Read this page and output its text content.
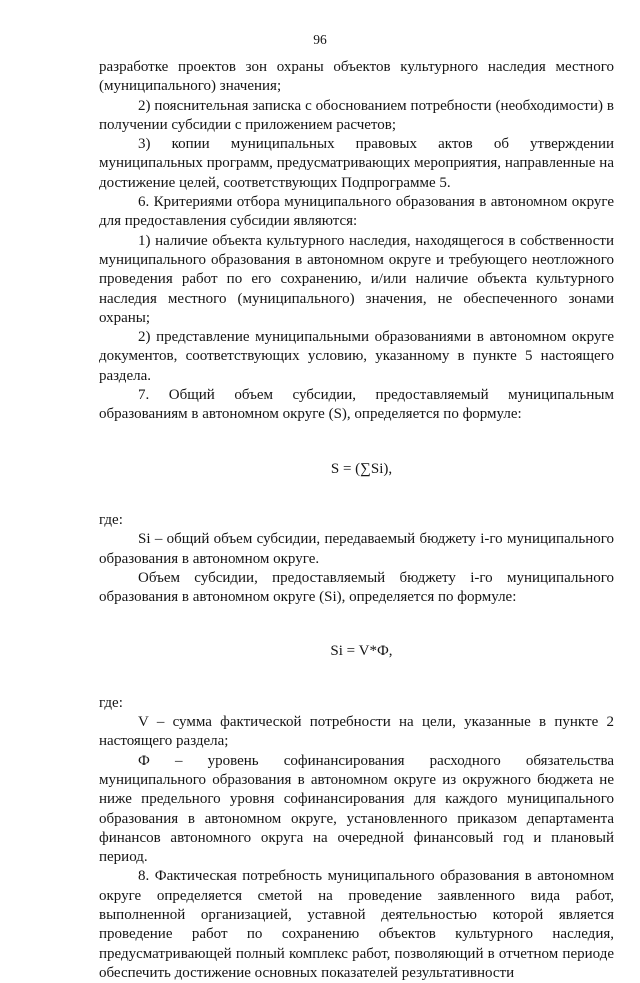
96

разработке проектов зон охраны объектов культурного наследия местного (муниципального) значения;

2) пояснительная записка с обоснованием потребности (необходимости) в получении субсидии с приложением расчетов;

3) копии муниципальных правовых актов об утверждении муниципальных программ, предусматривающих мероприятия, направленные на достижение целей, соответствующих Подпрограмме 5.

6. Критериями отбора муниципального образования в автономном округе для предоставления субсидии являются:

1) наличие объекта культурного наследия, находящегося в собственности муниципального образования в автономном округе и требующего неотложного проведения работ по его сохранению, и/или наличие объекта культурного наследия местного (муниципального) значения, не обеспеченного зонами охраны;

2) представление муниципальными образованиями в автономном округе документов, соответствующих условию, указанному в пункте 5 настоящего раздела.

7. Общий объем субсидии, предоставляемый муниципальным образованиям в автономном округе (S), определяется по формуле:

S = (∑Si),

где:

Si – общий объем субсидии, передаваемый бюджету i-го муниципального образования в автономном округе.

Объем субсидии, предоставляемый бюджету i-го муниципального образования в автономном округе (Si), определяется по формуле:

Si = V*Ф,

где:

V – сумма фактической потребности на цели, указанные в пункте 2 настоящего раздела;

Ф – уровень софинансирования расходного обязательства муниципального образования в автономном округе из окружного бюджета не ниже предельного уровня софинансирования для каждого муниципального образования в автономном округе, установленного приказом департамента финансов автономного округа на очередной финансовый год и плановый период.

8. Фактическая потребность муниципального образования в автономном округе определяется сметой на проведение заявленного вида работ, выполненной организацией, уставной деятельностью которой является проведение работ по сохранению объектов культурного наследия, предусматривающей полный комплекс работ, позволяющий в отчетном периоде обеспечить достижение основных показателей результативности
